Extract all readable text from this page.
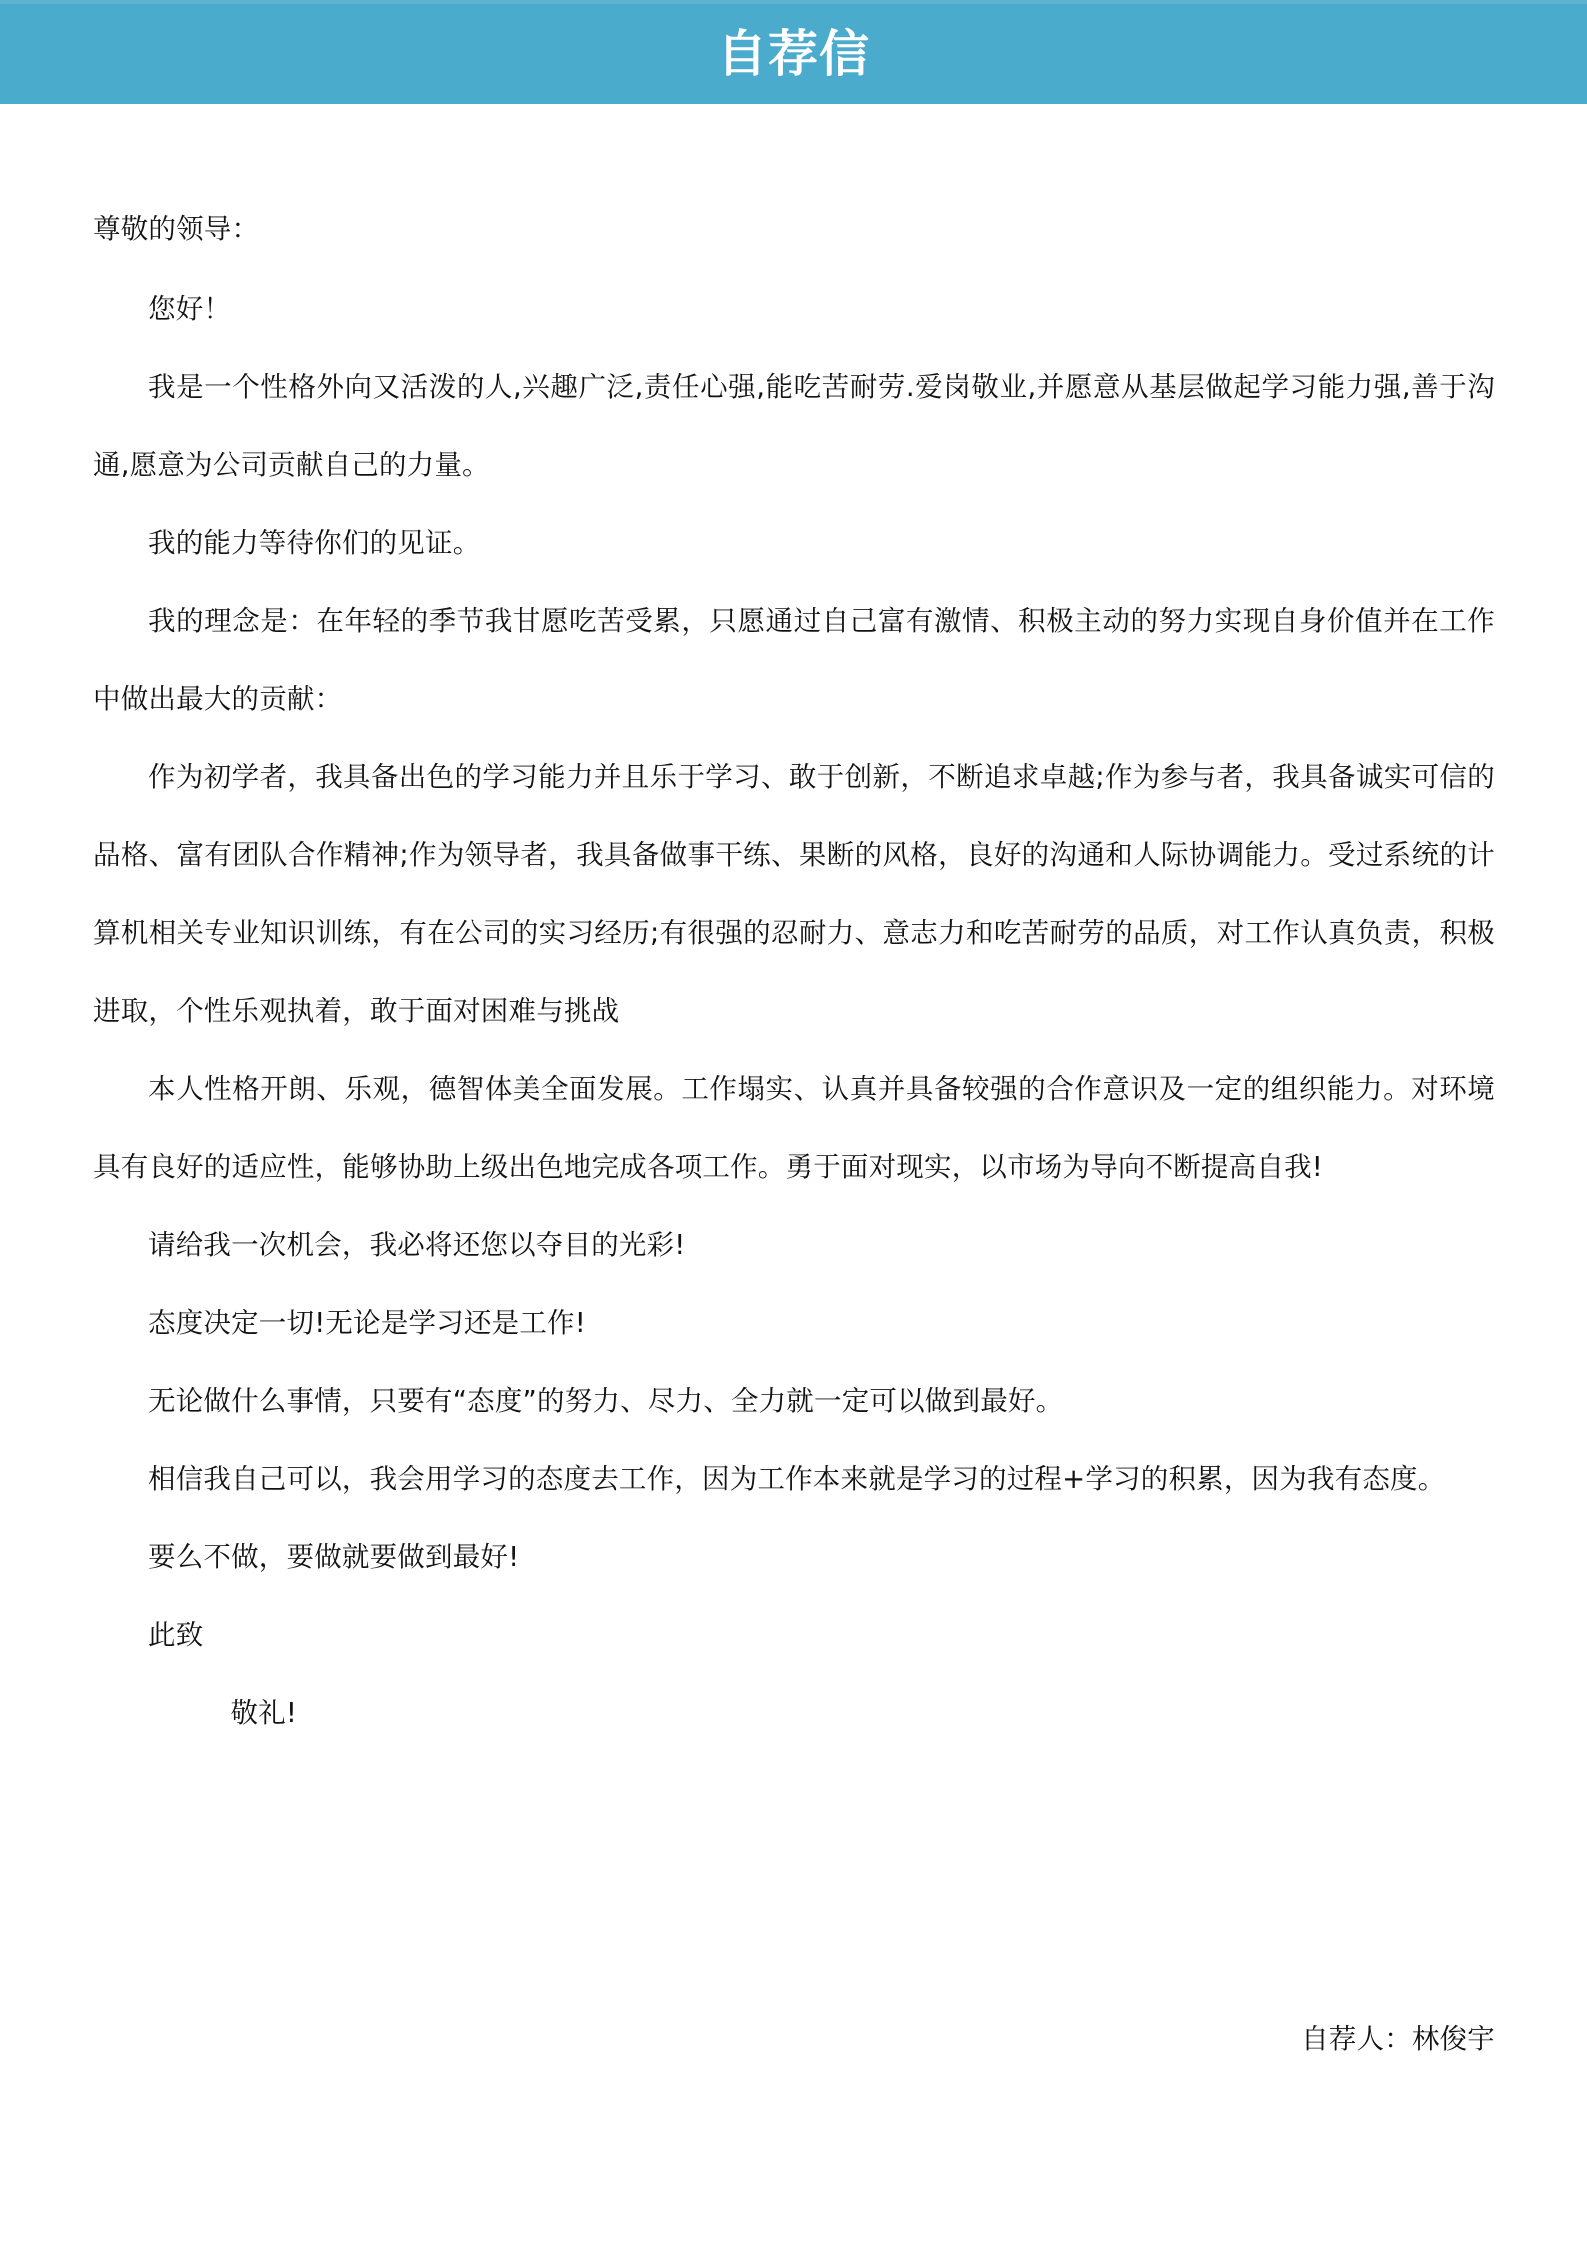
自荐信

尊敬的领导：

您好！

我是一个性格外向又活泼的人,兴趣广泛,责任心强,能吃苦耐劳.爱岗敬业,并愿意从基层做起学习能力强,善于沟通,愿意为公司贡献自己的力量。

我的能力等待你们的见证。

我的理念是：在年轻的季节我甘愿吃苦受累，只愿通过自己富有激情、积极主动的努力实现自身价值并在工作中做出最大的贡献：

作为初学者，我具备出色的学习能力并且乐于学习、敢于创新，不断追求卓越;作为参与者，我具备诚实可信的品格、富有团队合作精神;作为领导者，我具备做事干练、果断的风格，良好的沟通和人际协调能力。受过系统的计算机相关专业知识训练，有在公司的实习经历;有很强的忍耐力、意志力和吃苦耐劳的品质，对工作认真负责，积极进取，个性乐观执着，敢于面对困难与挑战

本人性格开朗、乐观，德智体美全面发展。工作塌实、认真并具备较强的合作意识及一定的组织能力。对环境具有良好的适应性，能够协助上级出色地完成各项工作。勇于面对现实，以市场为导向不断提高自我!

请给我一次机会，我必将还您以夺目的光彩!

态度决定一切!无论是学习还是工作!

无论做什么事情，只要有“态度”的努力、尽力、全力就一定可以做到最好。

相信我自己可以，我会用学习的态度去工作，因为工作本来就是学习的过程+学习的积累，因为我有态度。

要么不做，要做就要做到最好!

此致

敬礼!

自荐人：林俊宇
